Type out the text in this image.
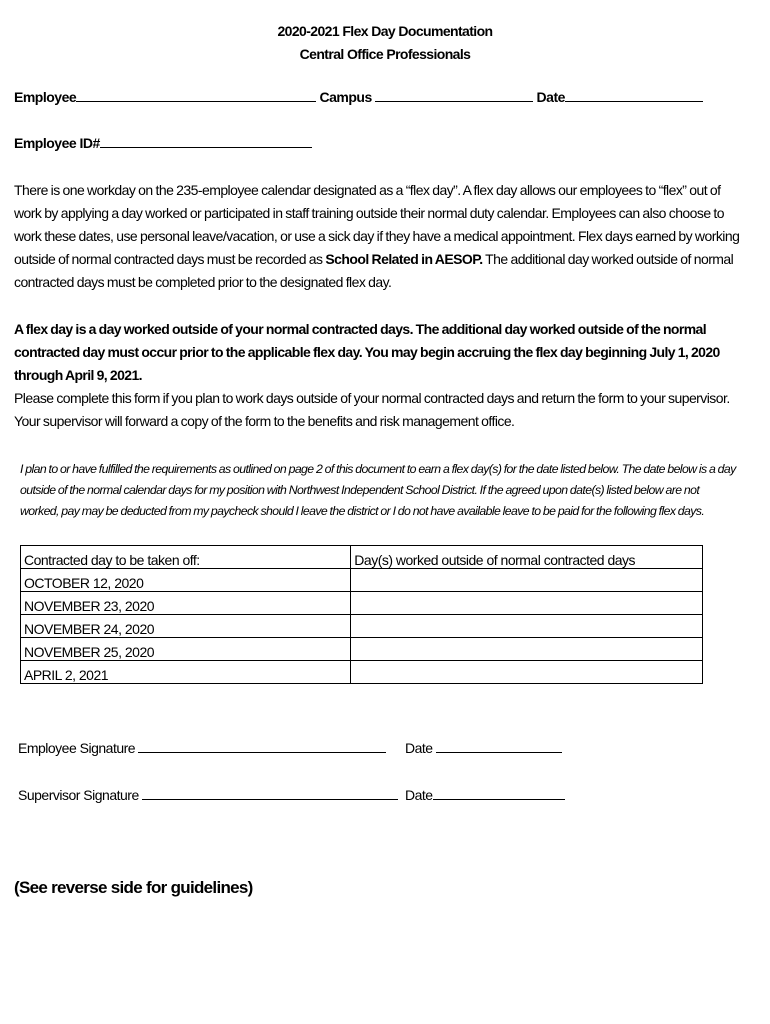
2020-2021 Flex Day Documentation
Central Office Professionals
Employee	Campus	Date
Employee ID#
There is one workday on the 235-employee calendar designated as a “flex day”. A flex day allows our employees to “flex” out of work by applying a day worked or participated in staff training outside their normal duty calendar. Employees can also choose to work these dates, use personal leave/vacation, or use a sick day if they have a medical appointment. Flex days earned by working outside of normal contracted days must be recorded as School Related in AESOP. The additional day worked outside of normal contracted days must be completed prior to the designated flex day.
A flex day is a day worked outside of your normal contracted days. The additional day worked outside of the normal contracted day must occur prior to the applicable flex day. You may begin accruing the flex day beginning July 1, 2020 through April 9, 2021.
Please complete this form if you plan to work days outside of your normal contracted days and return the form to your supervisor. Your supervisor will forward a copy of the form to the benefits and risk management office.
I plan to or have fulfilled the requirements as outlined on page 2 of this document to earn a flex day(s) for the date listed below. The date below is a day outside of the normal calendar days for my position with Northwest Independent School District. If the agreed upon date(s) listed below are not worked, pay may be deducted from my paycheck should I leave the district or I do not have available leave to be paid for the following flex days.
Contracted day to be taken off:	Day(s) worked outside of normal contracted days
OCTOBER 12, 2020	
NOVEMBER 23, 2020	
NOVEMBER 24, 2020	
NOVEMBER 25, 2020	
APRIL 2, 2021	
Employee Signature	Date
Supervisor Signature	Date
(See reverse side for guidelines)
